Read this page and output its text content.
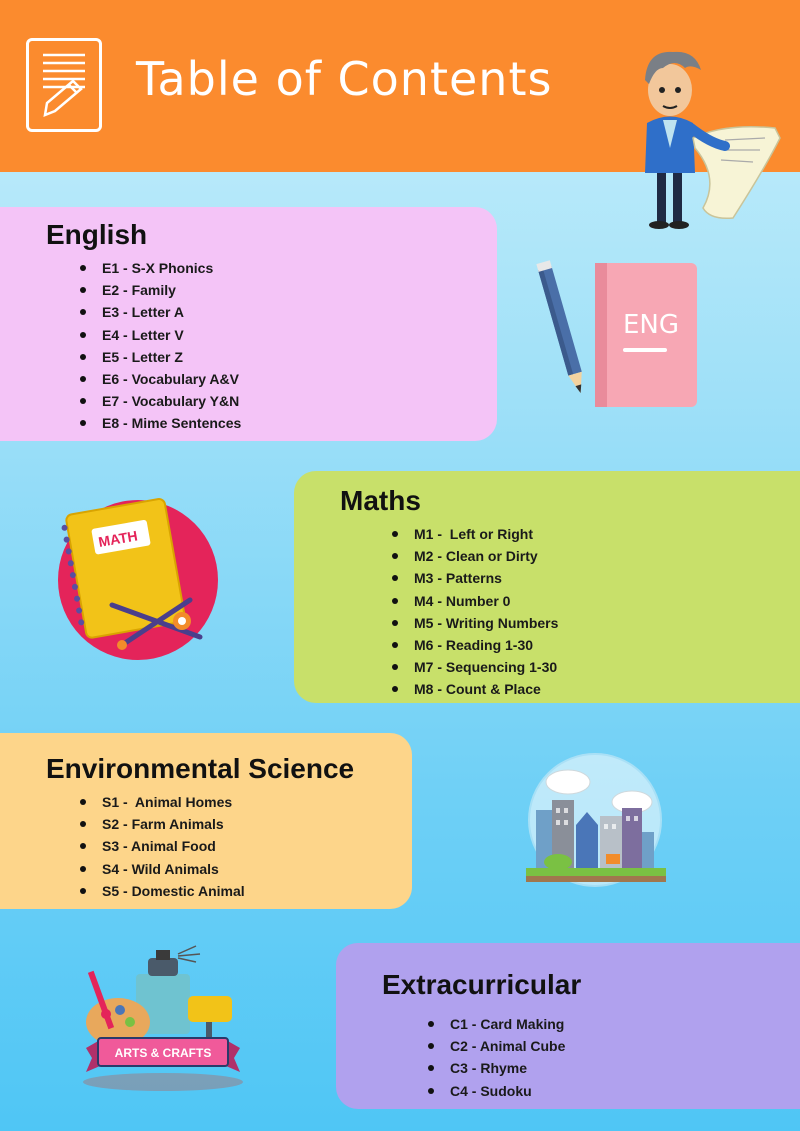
Table of Contents
English
E1 - S-X Phonics
E2 - Family
E3 - Letter A
E4 - Letter V
E5 - Letter Z
E6 - Vocabulary A&V
E7 - Vocabulary Y&N
E8 - Mime Sentences
ENG
MATH
Maths
M1 -  Left or Right
M2 - Clean or Dirty
M3 - Patterns
M4 - Number 0
M5 - Writing Numbers
M6 - Reading 1-30
M7 - Sequencing 1-30
M8 - Count & Place
Environmental Science
S1 -  Animal Homes
S2 - Farm Animals
S3 - Animal Food
S4 - Wild Animals
S5 - Domestic Animal
ARTS & CRAFTS
Extracurricular
C1 - Card Making
C2 - Animal Cube
C3 - Rhyme
C4 - Sudoku
